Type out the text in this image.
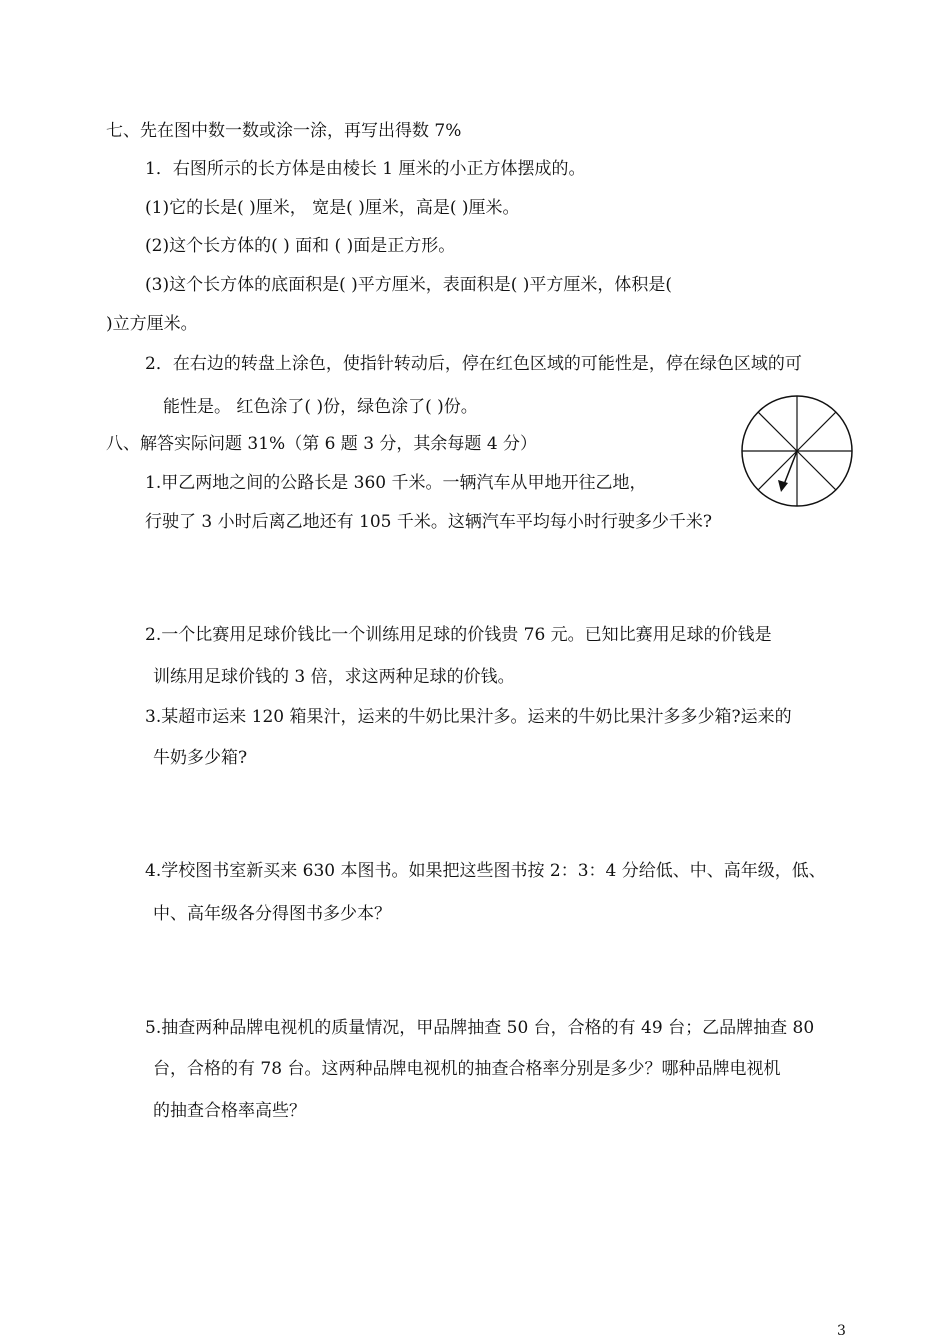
七、先在图中数一数或涂一涂，再写出得数 7%
1．右图所示的长方体是由棱长 1 厘米的小正方体摆成的。
(1)它的长是( )厘米， 宽是( )厘米，高是( )厘米。
(2)这个长方体的( ) 面和 ( )面是正方形。
(3)这个长方体的底面积是( )平方厘米，表面积是( )平方厘米，体积是(
)立方厘米。
2．在右边的转盘上涂色，使指针转动后，停在红色区域的可能性是，停在绿色区域的可
能性是。 红色涂了( )份，绿色涂了( )份。
八、解答实际问题 31%（第 6 题 3 分，其余每题 4 分）
1.甲乙两地之间的公路长是 360 千米。一辆汽车从甲地开往乙地，
行驶了 3 小时后离乙地还有 105 千米。这辆汽车平均每小时行驶多少千米?
2.一个比赛用足球价钱比一个训练用足球的价钱贵 76 元。已知比赛用足球的价钱是
训练用足球价钱的 3 倍，求这两种足球的价钱。
3.某超市运来 120 箱果汁，运来的牛奶比果汁多。运来的牛奶比果汁多多少箱?运来的
牛奶多少箱?
4.学校图书室新买来 630 本图书。如果把这些图书按 2：3：4 分给低、中、高年级，低、
中、高年级各分得图书多少本？
5.抽查两种品牌电视机的质量情况，甲品牌抽查 50 台，合格的有 49 台；乙品牌抽查 80
台，合格的有 78 台。这两种品牌电视机的抽查合格率分别是多少？哪种品牌电视机
的抽查合格率高些？
3
